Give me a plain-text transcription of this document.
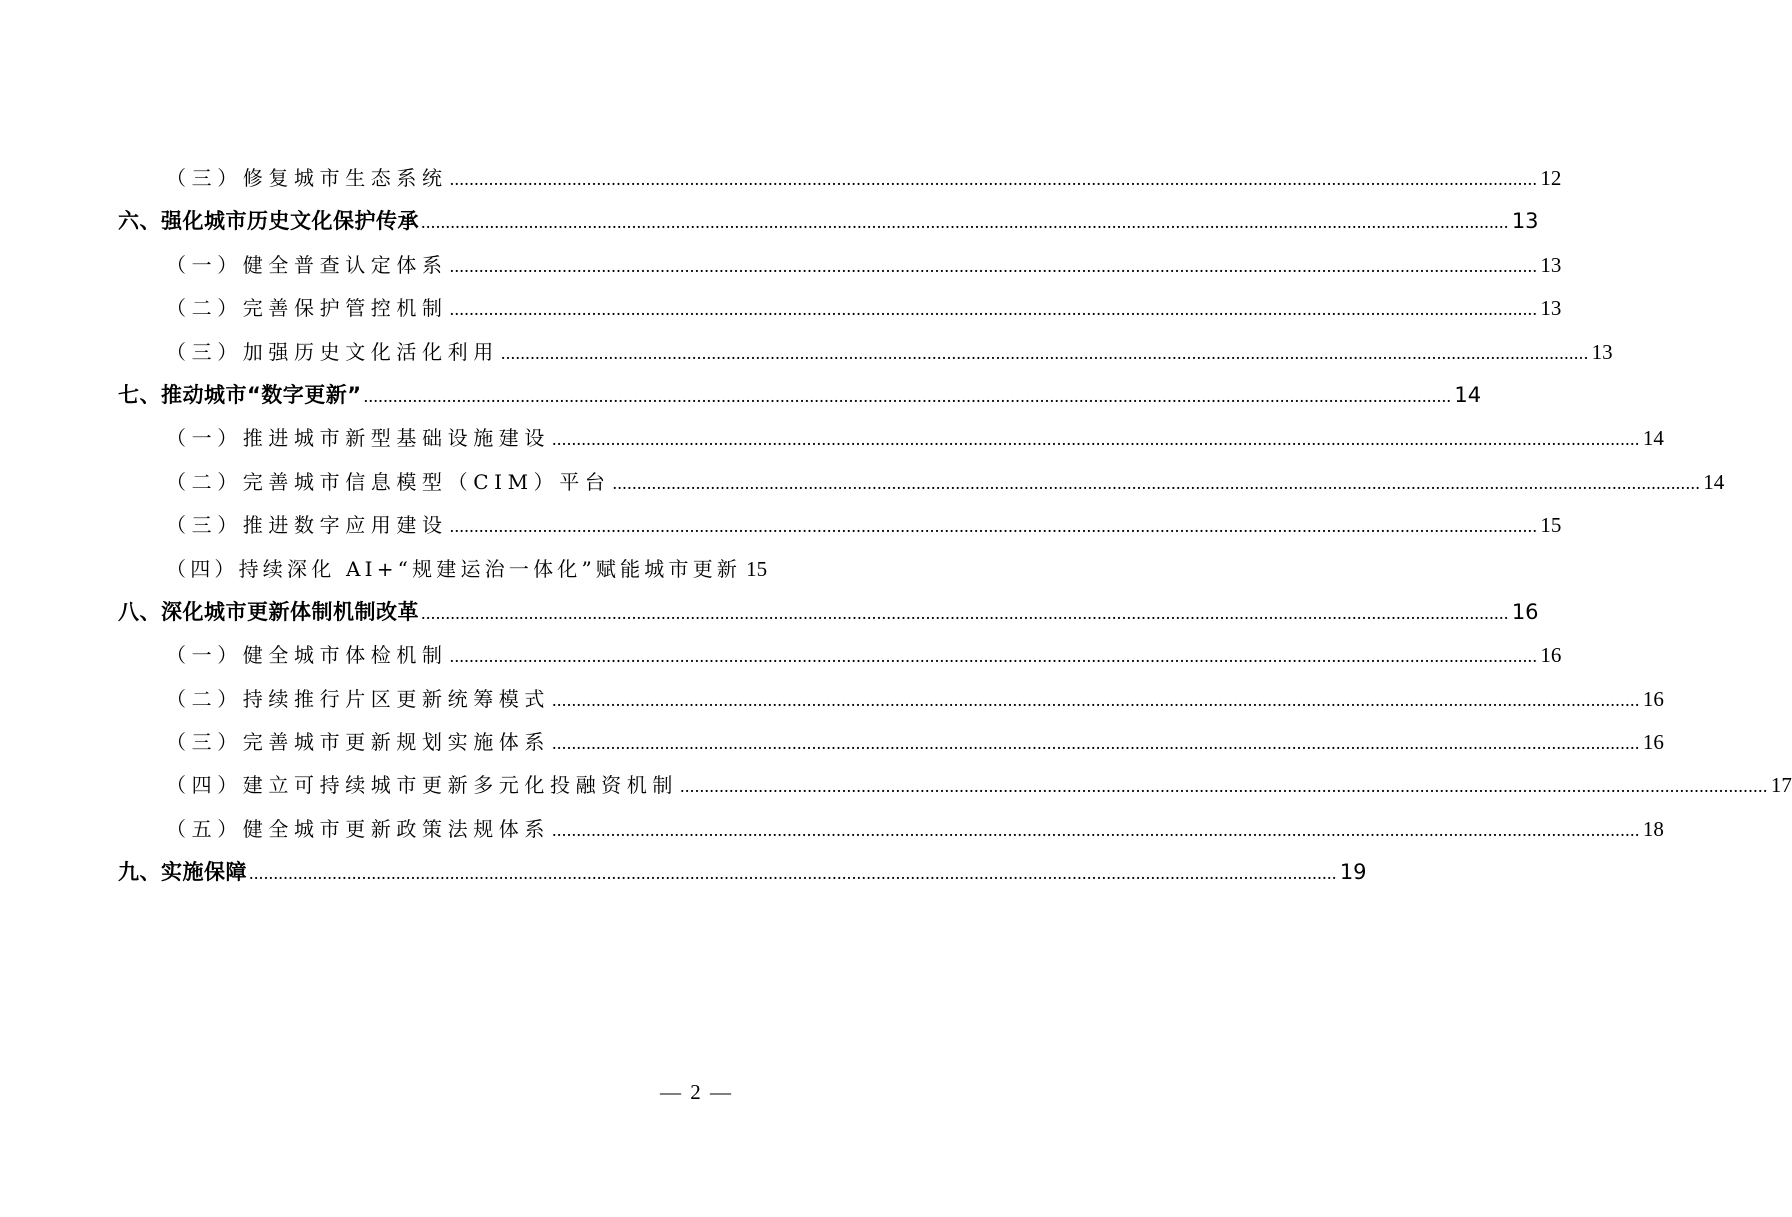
（三）修复城市生态系统 .....	12
六、强化城市历史文化保护传承 .....	13
（一）健全普查认定体系 .....	13
（二）完善保护管控机制 .....	13
（三）加强历史文化活化利用 .....	13
七、推动城市“数字更新” .....	14
（一）推进城市新型基础设施建设 .....	14
（二）完善城市信息模型（CIM）平台 .....	14
（三）推进数字应用建设 .....	15
（四）持续深化 AI+“规建运治一体化”赋能城市更新 15
八、深化城市更新体制机制改革 .....	16
（一）健全城市体检机制 .....	16
（二）持续推行片区更新统筹模式 .....	16
（三）完善城市更新规划实施体系 .....	16
（四）建立可持续城市更新多元化投融资机制 .....	17
（五）健全城市更新政策法规体系 .....	18
九、实施保障 .....	19
— 2 —
